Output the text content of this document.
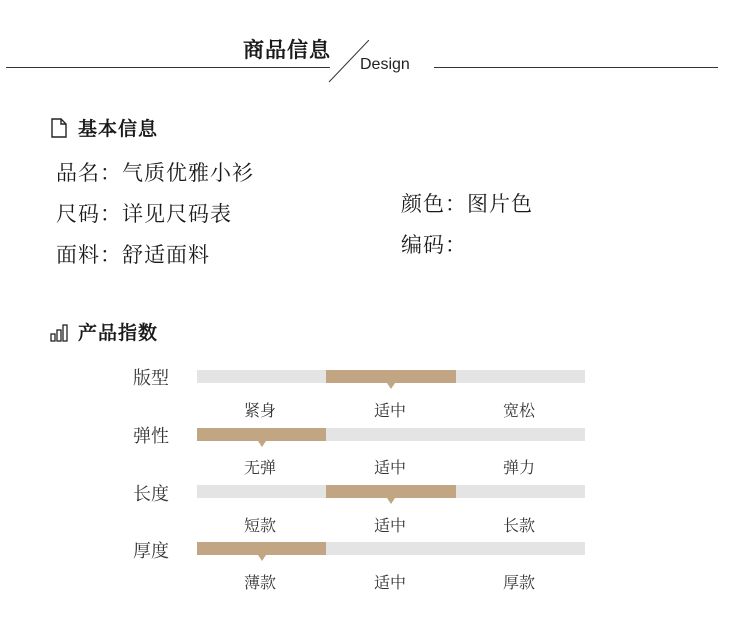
商品信息
Design
基本信息
品名：气质优雅小衫
尺码：详见尺码表
面料：舒适面料
颜色：图片色
编码：
产品指数
版型
紧身	适中	宽松
弹性
无弹	适中	弹力
长度
短款	适中	长款
厚度
薄款	适中	厚款
